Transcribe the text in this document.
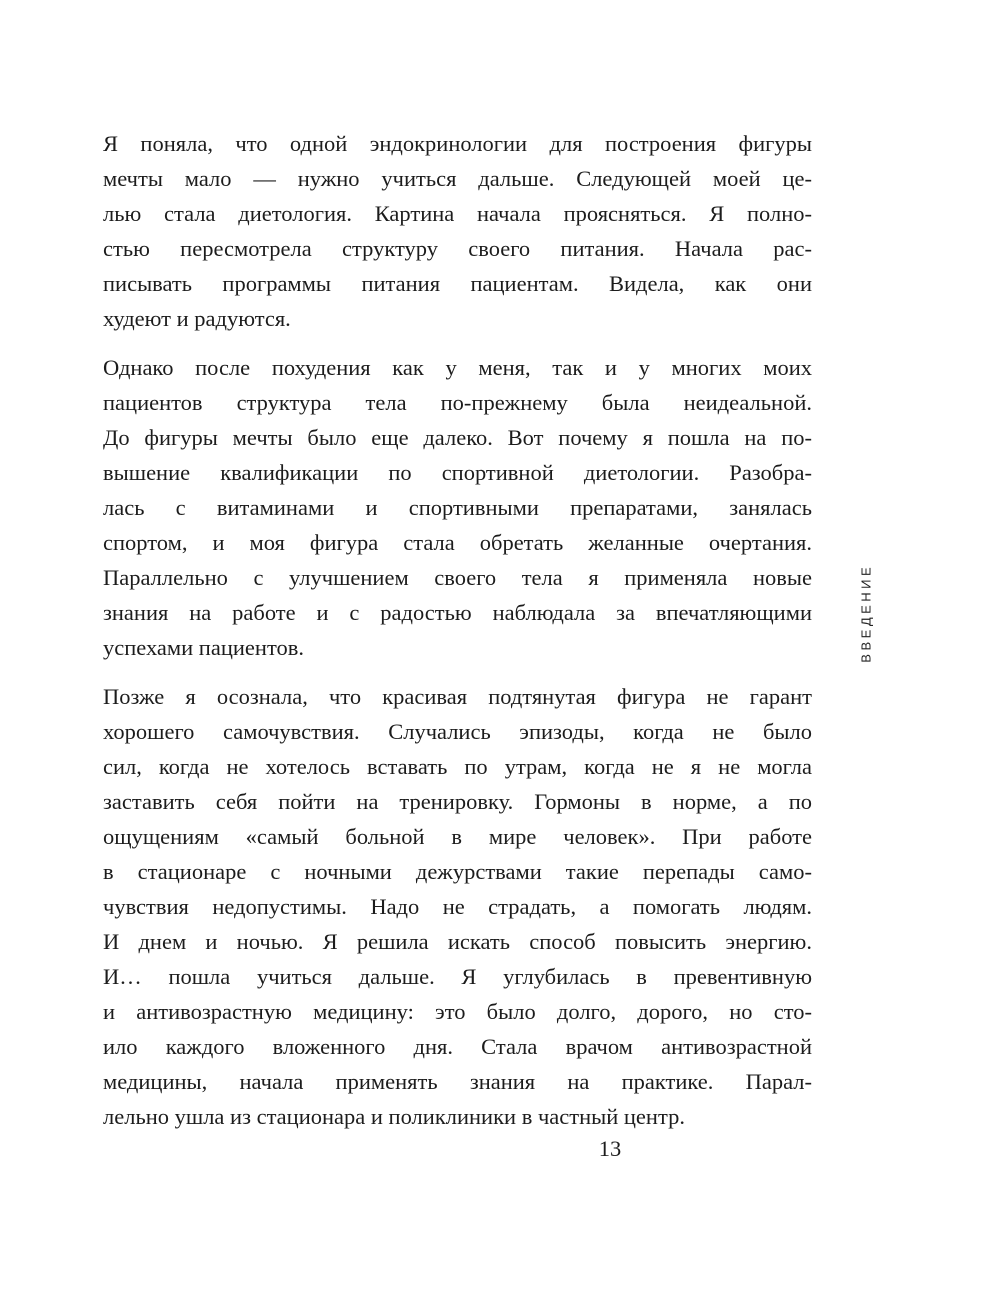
Я поняла, что одной эндокринологии для построения фигуры
мечты мало — нужно учиться дальше. Следующей моей це-
лью стала диетология. Картина начала проясняться. Я полно-
стью пересмотрела структуру своего питания. Начала рас-
писывать программы питания пациентам. Видела, как они
худеют и радуются.

Однако после похудения как у меня, так и у многих моих
пациентов структура тела по-прежнему была неидеальной.
До фигуры мечты было еще далеко. Вот почему я пошла на по-
вышение квалификации по спортивной диетологии. Разобра-
лась с витаминами и спортивными препаратами, занялась
спортом, и моя фигура стала обретать желанные очертания.
Параллельно с улучшением своего тела я применяла новые
знания на работе и с радостью наблюдала за впечатляющими
успехами пациентов.

Позже я осознала, что красивая подтянутая фигура не гарант
хорошего самочувствия. Случались эпизоды, когда не было
сил, когда не хотелось вставать по утрам, когда не я не могла
заставить себя пойти на тренировку. Гормоны в норме, а по
ощущениям «самый больной в мире человек». При работе
в стационаре с ночными дежурствами такие перепады само-
чувствия недопустимы. Надо не страдать, а помогать людям.
И днем и ночью. Я решила искать способ повысить энергию.
И… пошла учиться дальше. Я углубилась в превентивную
и антивозрастную медицину: это было долго, дорого, но сто-
ило каждого вложенного дня. Стала врачом антивозрастной
медицины, начала применять знания на практике. Парал-
лельно ушла из стационара и поликлиники в частный центр.

ВВЕДЕНИЕ
13
